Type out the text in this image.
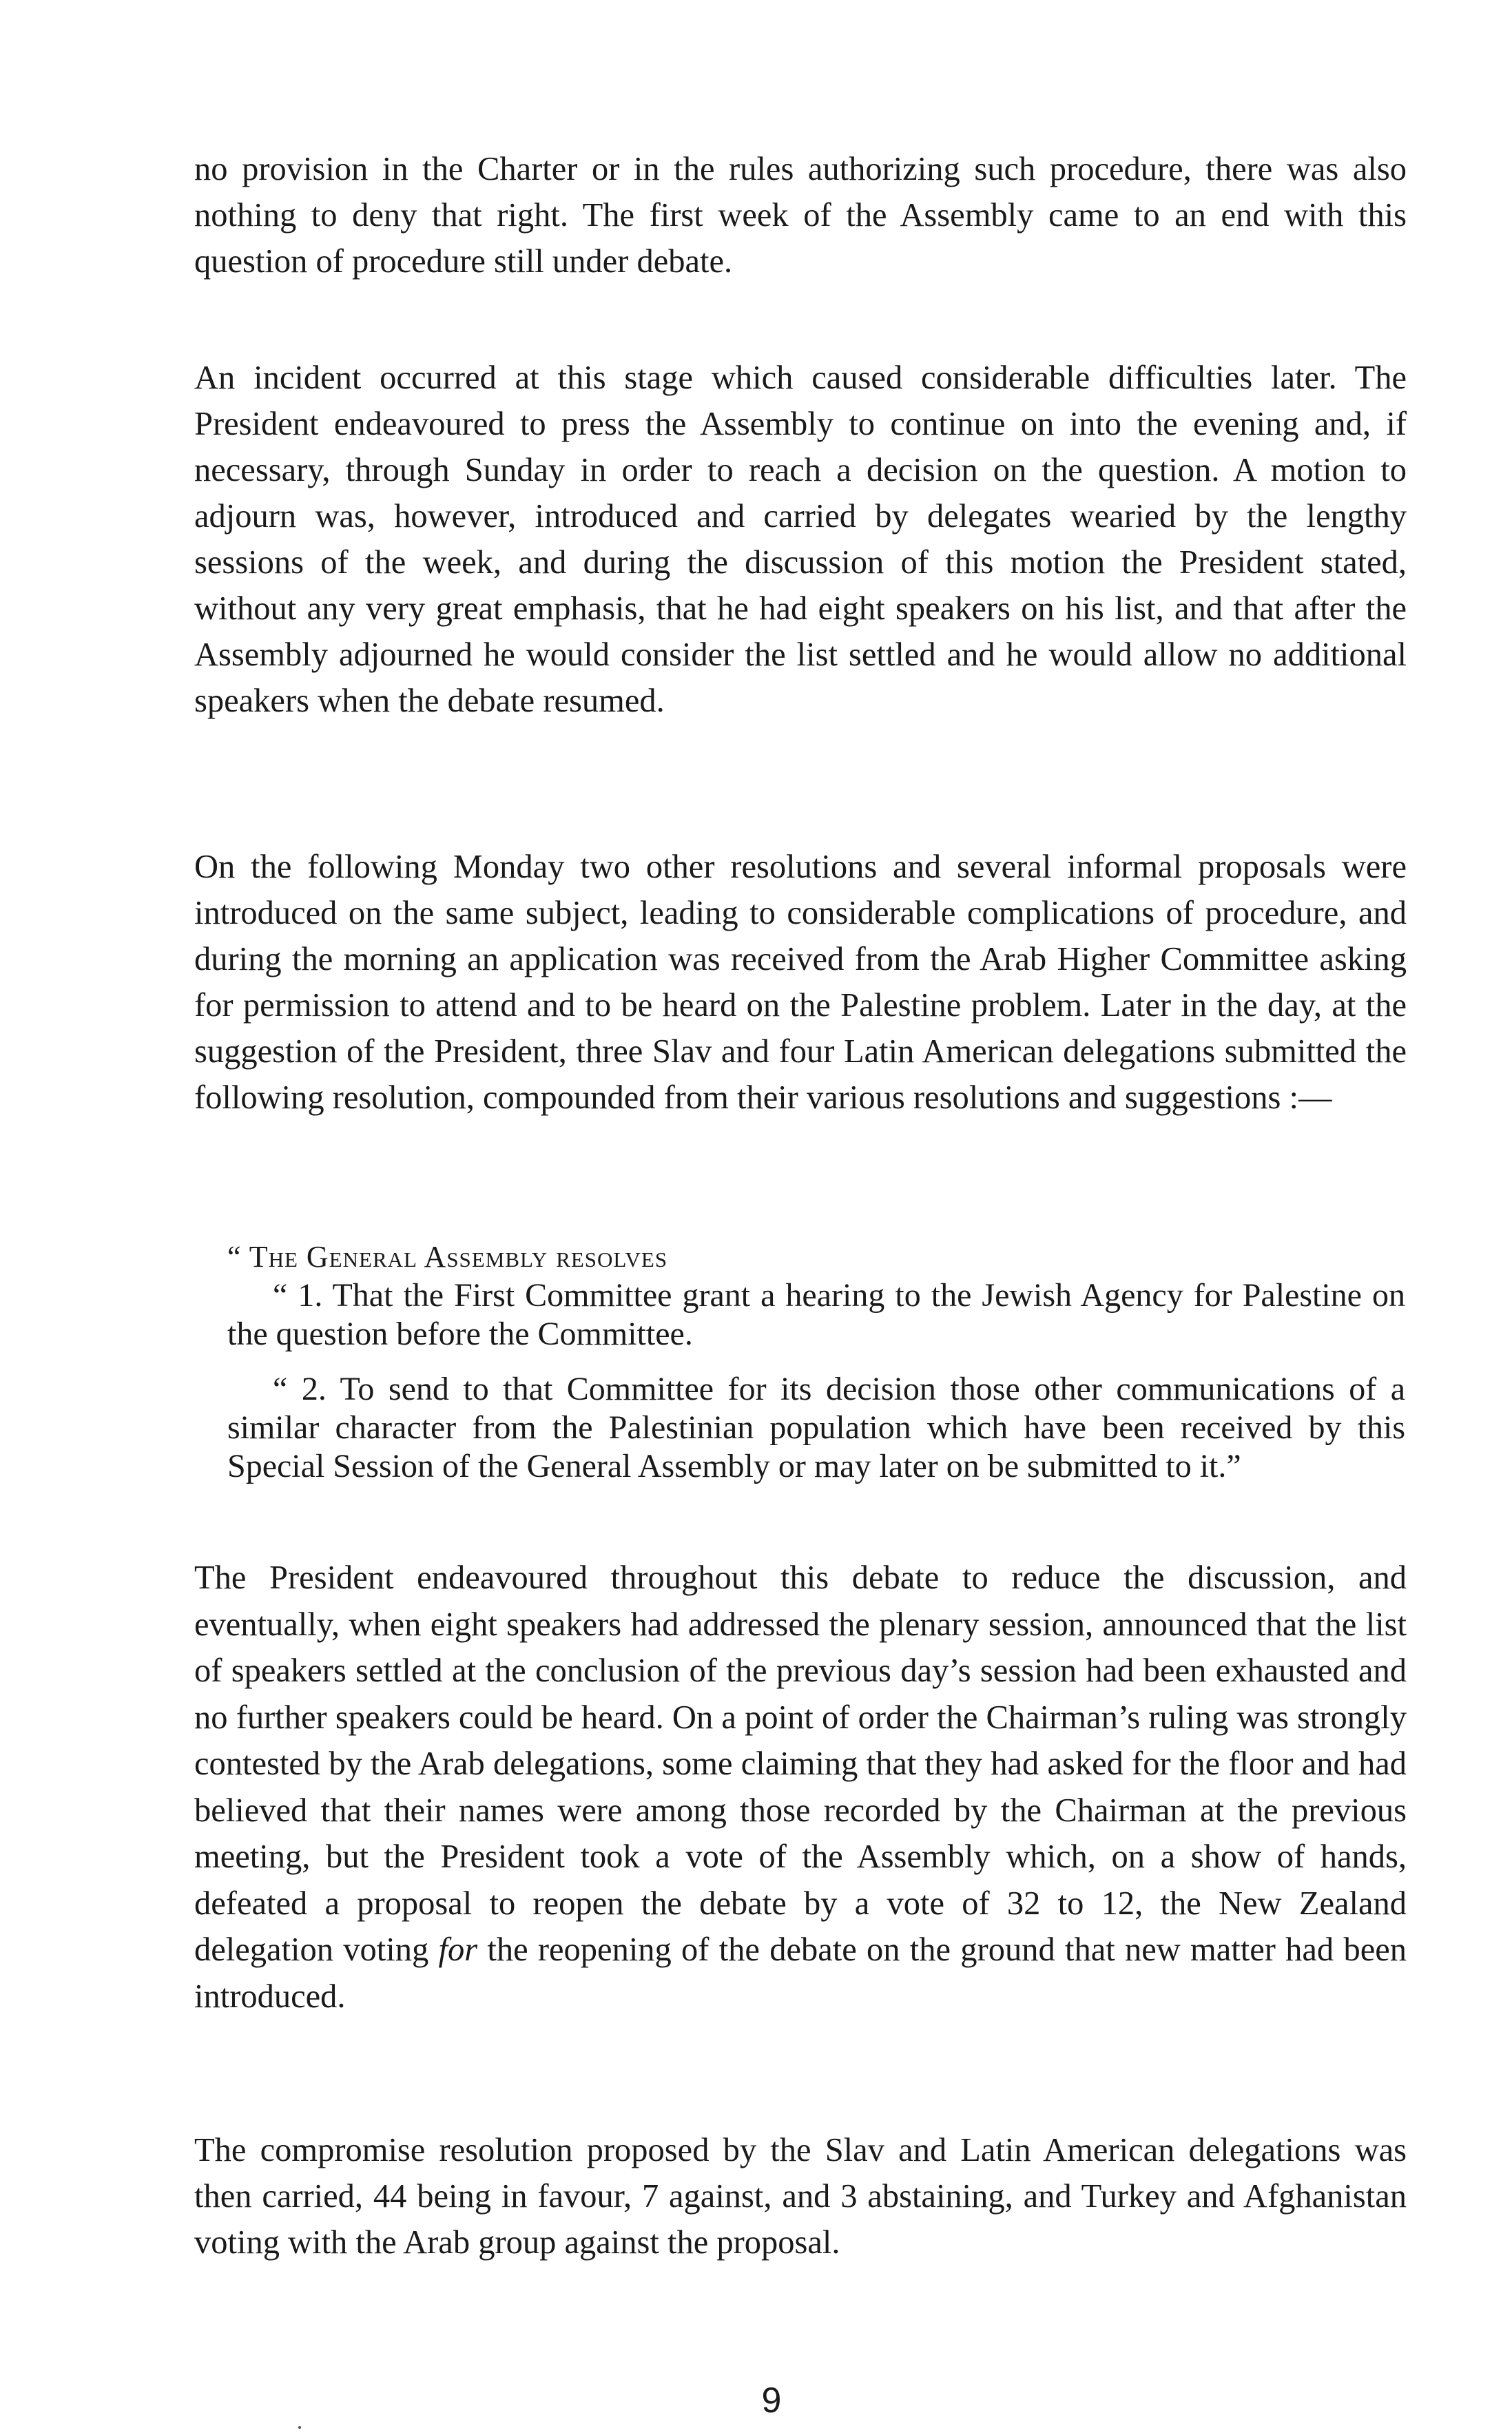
no provision in the Charter or in the rules authorizing such procedure, there was also nothing to deny that right. The first week of the Assembly came to an end with this question of procedure still under debate.

An incident occurred at this stage which caused considerable difficulties later. The President endeavoured to press the Assembly to continue on into the evening and, if necessary, through Sunday in order to reach a decision on the question. A motion to adjourn was, however, introduced and carried by delegates wearied by the lengthy sessions of the week, and during the discussion of this motion the President stated, without any very great emphasis, that he had eight speakers on his list, and that after the Assembly adjourned he would consider the list settled and he would allow no additional speakers when the debate resumed.

On the following Monday two other resolutions and several informal proposals were introduced on the same subject, leading to considerable complications of procedure, and during the morning an application was received from the Arab Higher Committee asking for permission to attend and to be heard on the Palestine problem. Later in the day, at the suggestion of the President, three Slav and four Latin American delegations submitted the following resolution, compounded from their various resolutions and suggestions :—

“ The General Assembly resolves

“ 1. That the First Committee grant a hearing to the Jewish Agency for Palestine on the question before the Committee.

“ 2. To send to that Committee for its decision those other communications of a similar character from the Palestinian population which have been received by this Special Session of the General Assembly or may later on be submitted to it.”

The President endeavoured throughout this debate to reduce the discussion, and eventually, when eight speakers had addressed the plenary session, announced that the list of speakers settled at the conclusion of the previous day’s session had been exhausted and no further speakers could be heard. On a point of order the Chairman’s ruling was strongly contested by the Arab delegations, some claiming that they had asked for the floor and had believed that their names were among those recorded by the Chairman at the previous meeting, but the President took a vote of the Assembly which, on a show of hands, defeated a proposal to reopen the debate by a vote of 32 to 12, the New Zealand delegation voting for the reopening of the debate on the ground that new matter had been introduced.

The compromise resolution proposed by the Slav and Latin American delegations was then carried, 44 being in favour, 7 against, and 3 abstaining, and Turkey and Afghanistan voting with the Arab group against the proposal.

9
